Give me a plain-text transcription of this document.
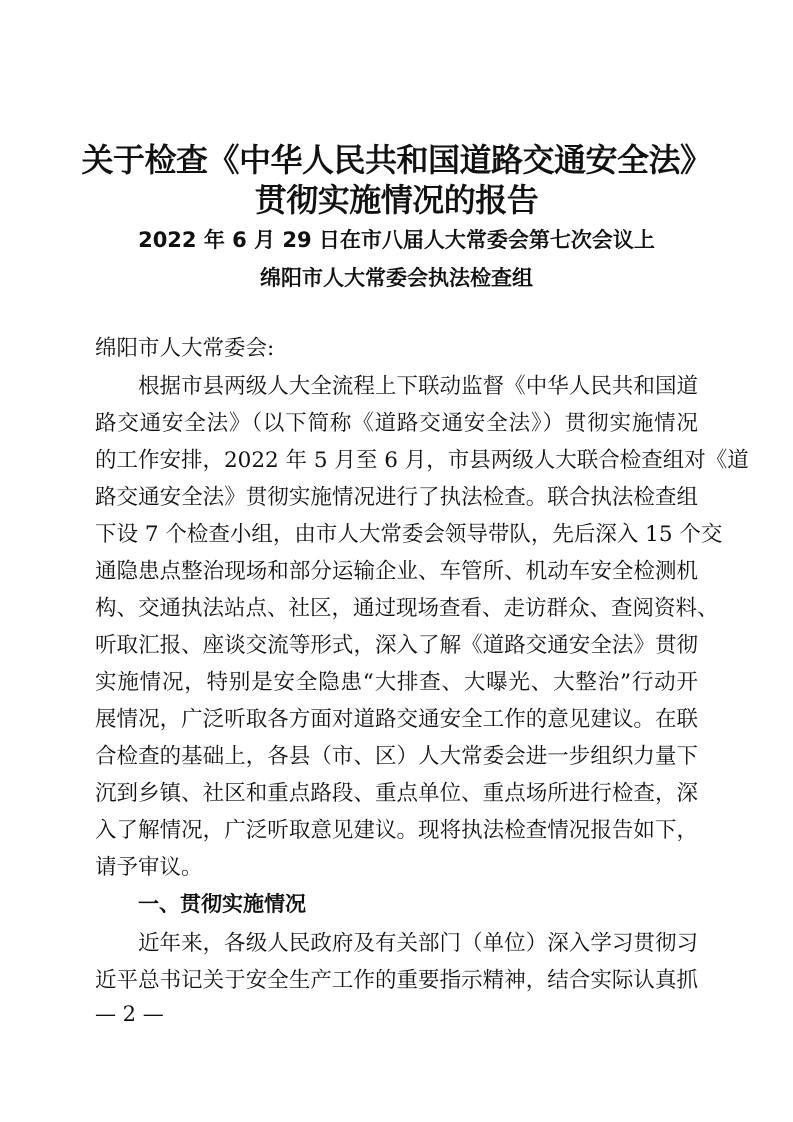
关于检查《中华人民共和国道路交通安全法》
贯彻实施情况的报告
2022 年 6 月 29 日在市八届人大常委会第七次会议上
绵阳市人大常委会执法检查组
绵阳市人大常委会:
根据市县两级人大全流程上下联动监督《中华人民共和国道
路交通安全法》（以下简称《道路交通安全法》）贯彻实施情况
的工作安排，2022 年 5 月至 6 月，市县两级人大联合检查组对《道
路交通安全法》贯彻实施情况进行了执法检查。联合执法检查组
下设 7 个检查小组，由市人大常委会领导带队，先后深入 15 个交
通隐患点整治现场和部分运输企业、车管所、机动车安全检测机
构、交通执法站点、社区，通过现场查看、走访群众、查阅资料、
听取汇报、座谈交流等形式，深入了解《道路交通安全法》贯彻
实施情况，特别是安全隐患“大排查、大曝光、大整治”行动开
展情况，广泛听取各方面对道路交通安全工作的意见建议。在联
合检查的基础上，各县（市、区）人大常委会进一步组织力量下
沉到乡镇、社区和重点路段、重点单位、重点场所进行检查，深
入了解情况，广泛听取意见建议。现将执法检查情况报告如下，
请予审议。
一、贯彻实施情况
近年来，各级人民政府及有关部门（单位）深入学习贯彻习
近平总书记关于安全生产工作的重要指示精神，结合实际认真抓
— 2 —
